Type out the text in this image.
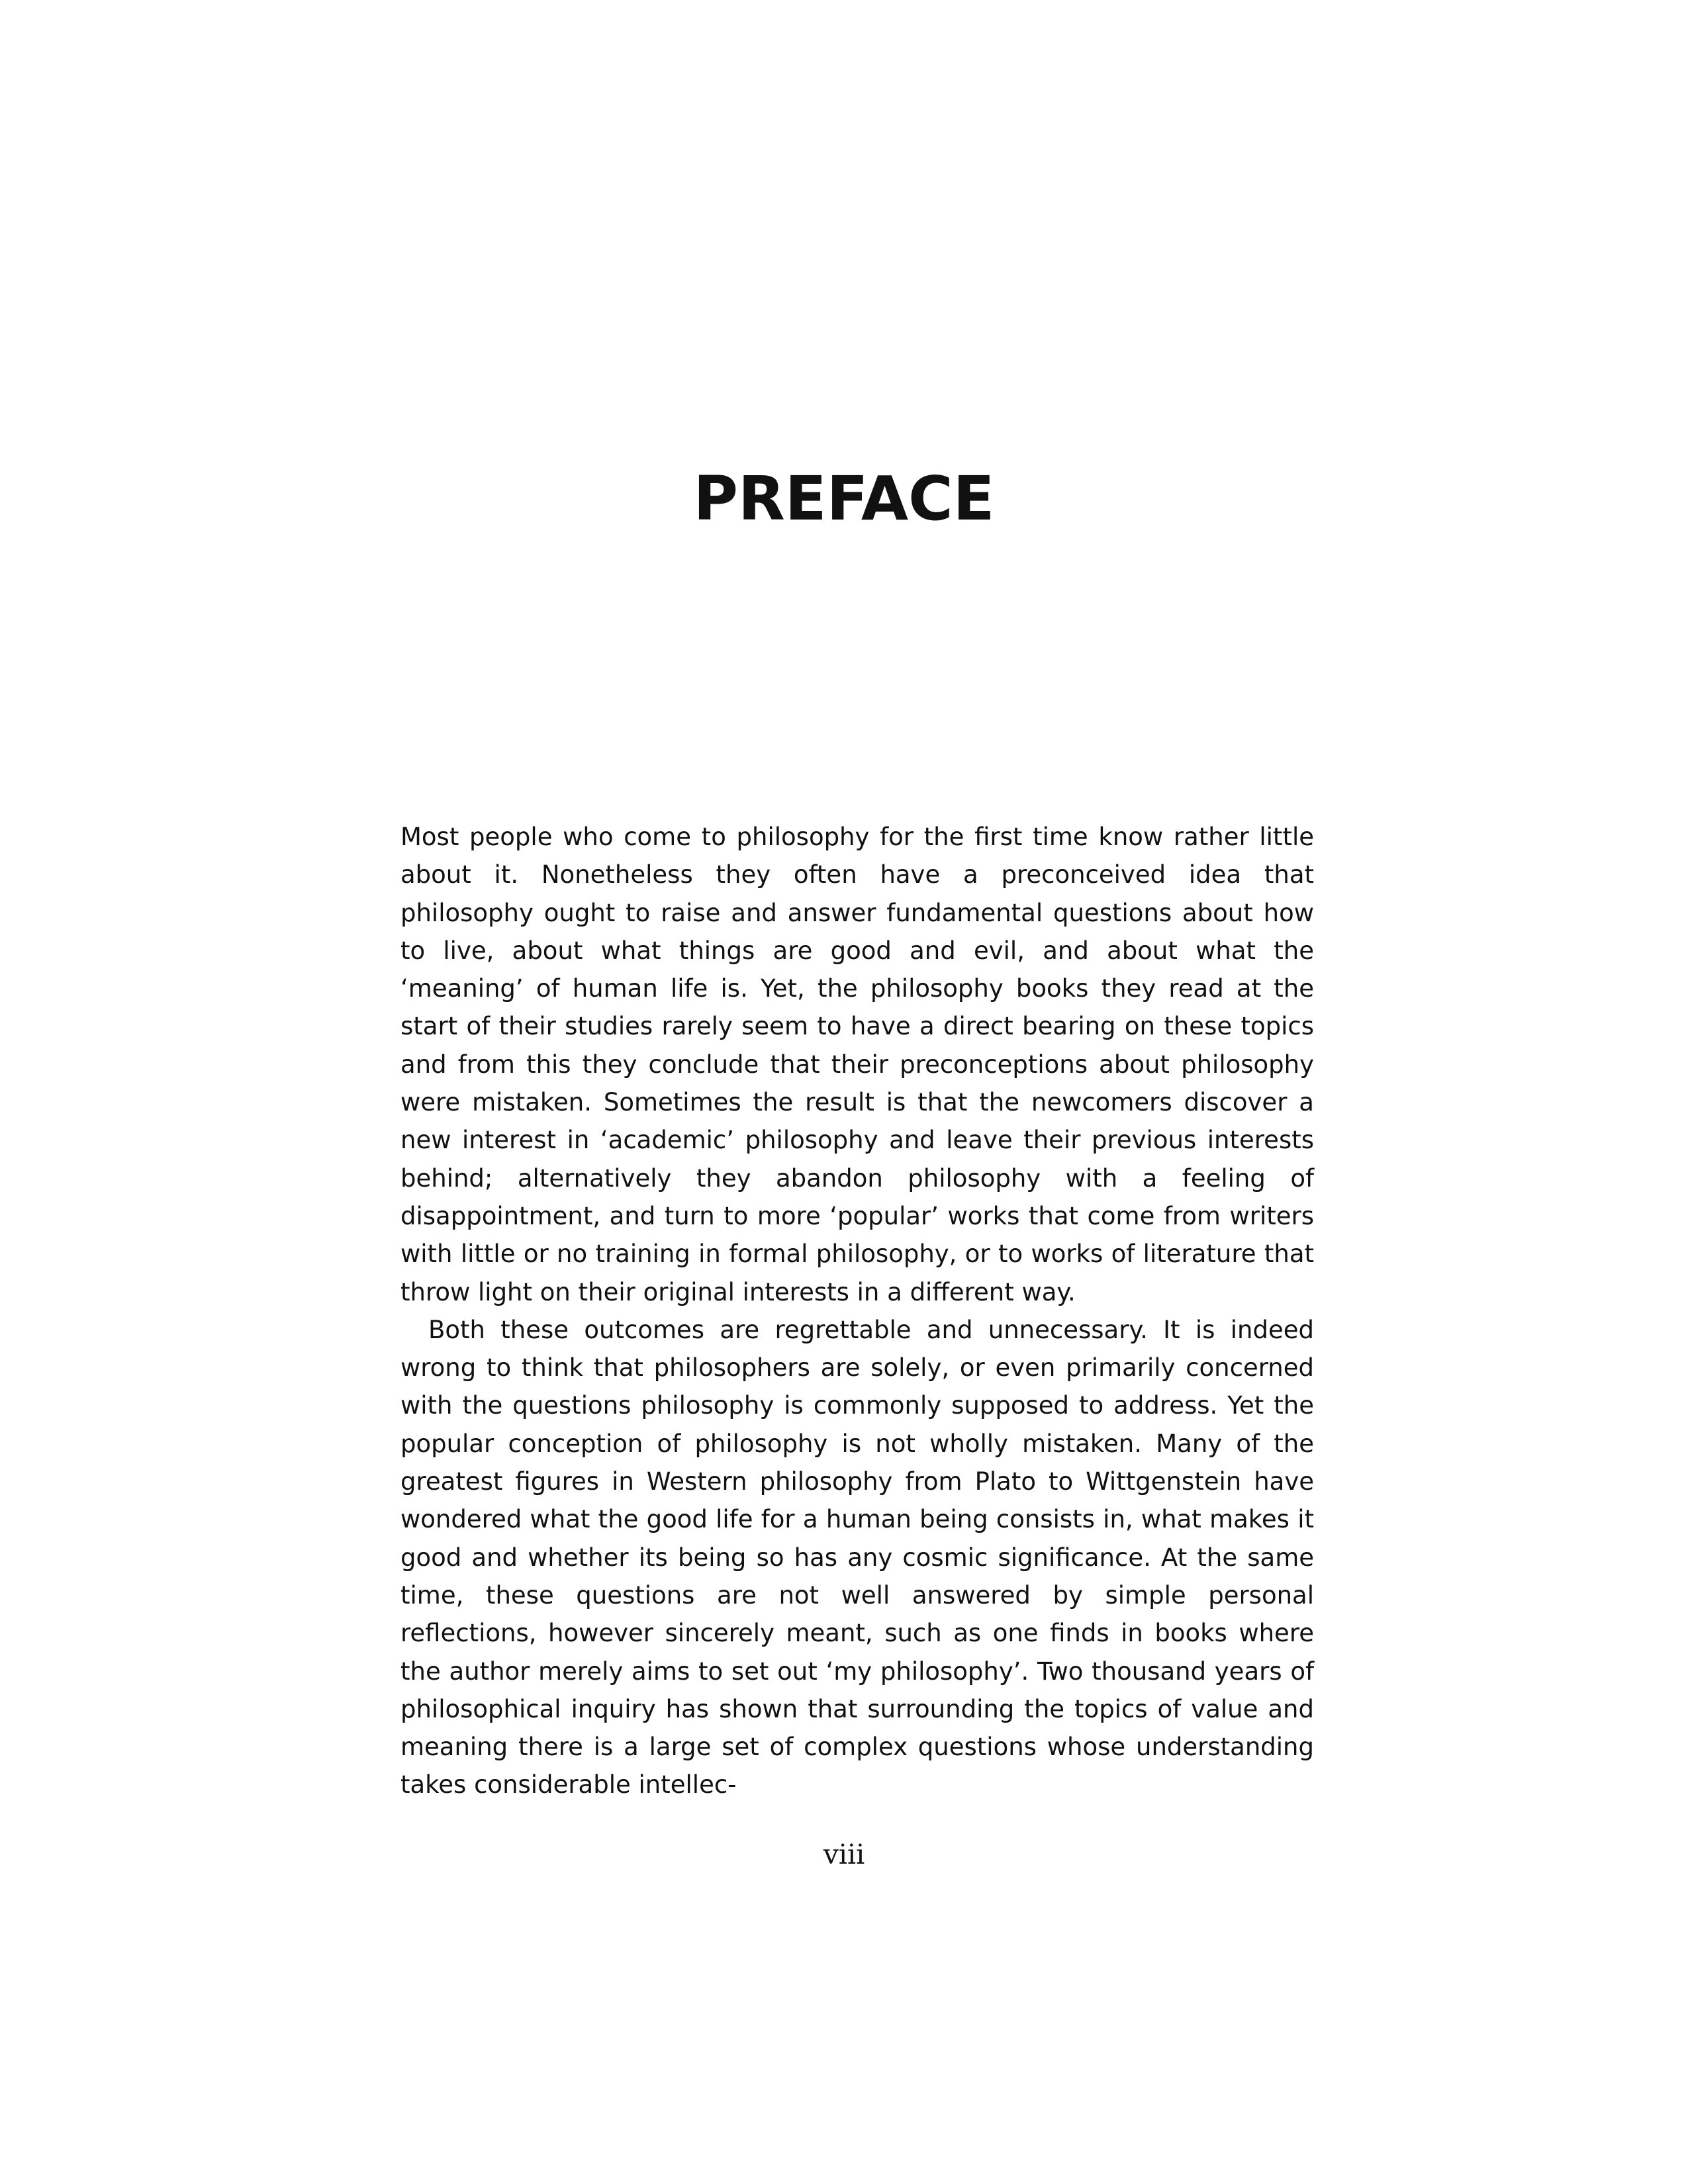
PREFACE

Most people who come to philosophy for the first time know rather little about it. Nonetheless they often have a preconceived idea that philosophy ought to raise and answer fundamental questions about how to live, about what things are good and evil, and about what the ‘meaning’ of human life is. Yet, the philosophy books they read at the start of their studies rarely seem to have a direct bearing on these topics and from this they conclude that their preconceptions about philosophy were mistaken. Sometimes the result is that the newcomers discover a new interest in ‘academic’ philosophy and leave their previous interests behind; alternatively they abandon philosophy with a feeling of disappointment, and turn to more ‘popular’ works that come from writers with little or no training in formal philosophy, or to works of literature that throw light on their original interests in a different way.

Both these outcomes are regrettable and unnecessary. It is indeed wrong to think that philosophers are solely, or even primarily concerned with the questions philosophy is commonly supposed to address. Yet the popular conception of philosophy is not wholly mistaken. Many of the greatest figures in Western philosophy from Plato to Wittgenstein have wondered what the good life for a human being consists in, what makes it good and whether its being so has any cosmic significance. At the same time, these questions are not well answered by simple personal reflections, however sincerely meant, such as one finds in books where the author merely aims to set out ‘my philosophy’. Two thousand years of philosophical inquiry has shown that surrounding the topics of value and meaning there is a large set of complex questions whose understanding takes considerable intellec-

viii
